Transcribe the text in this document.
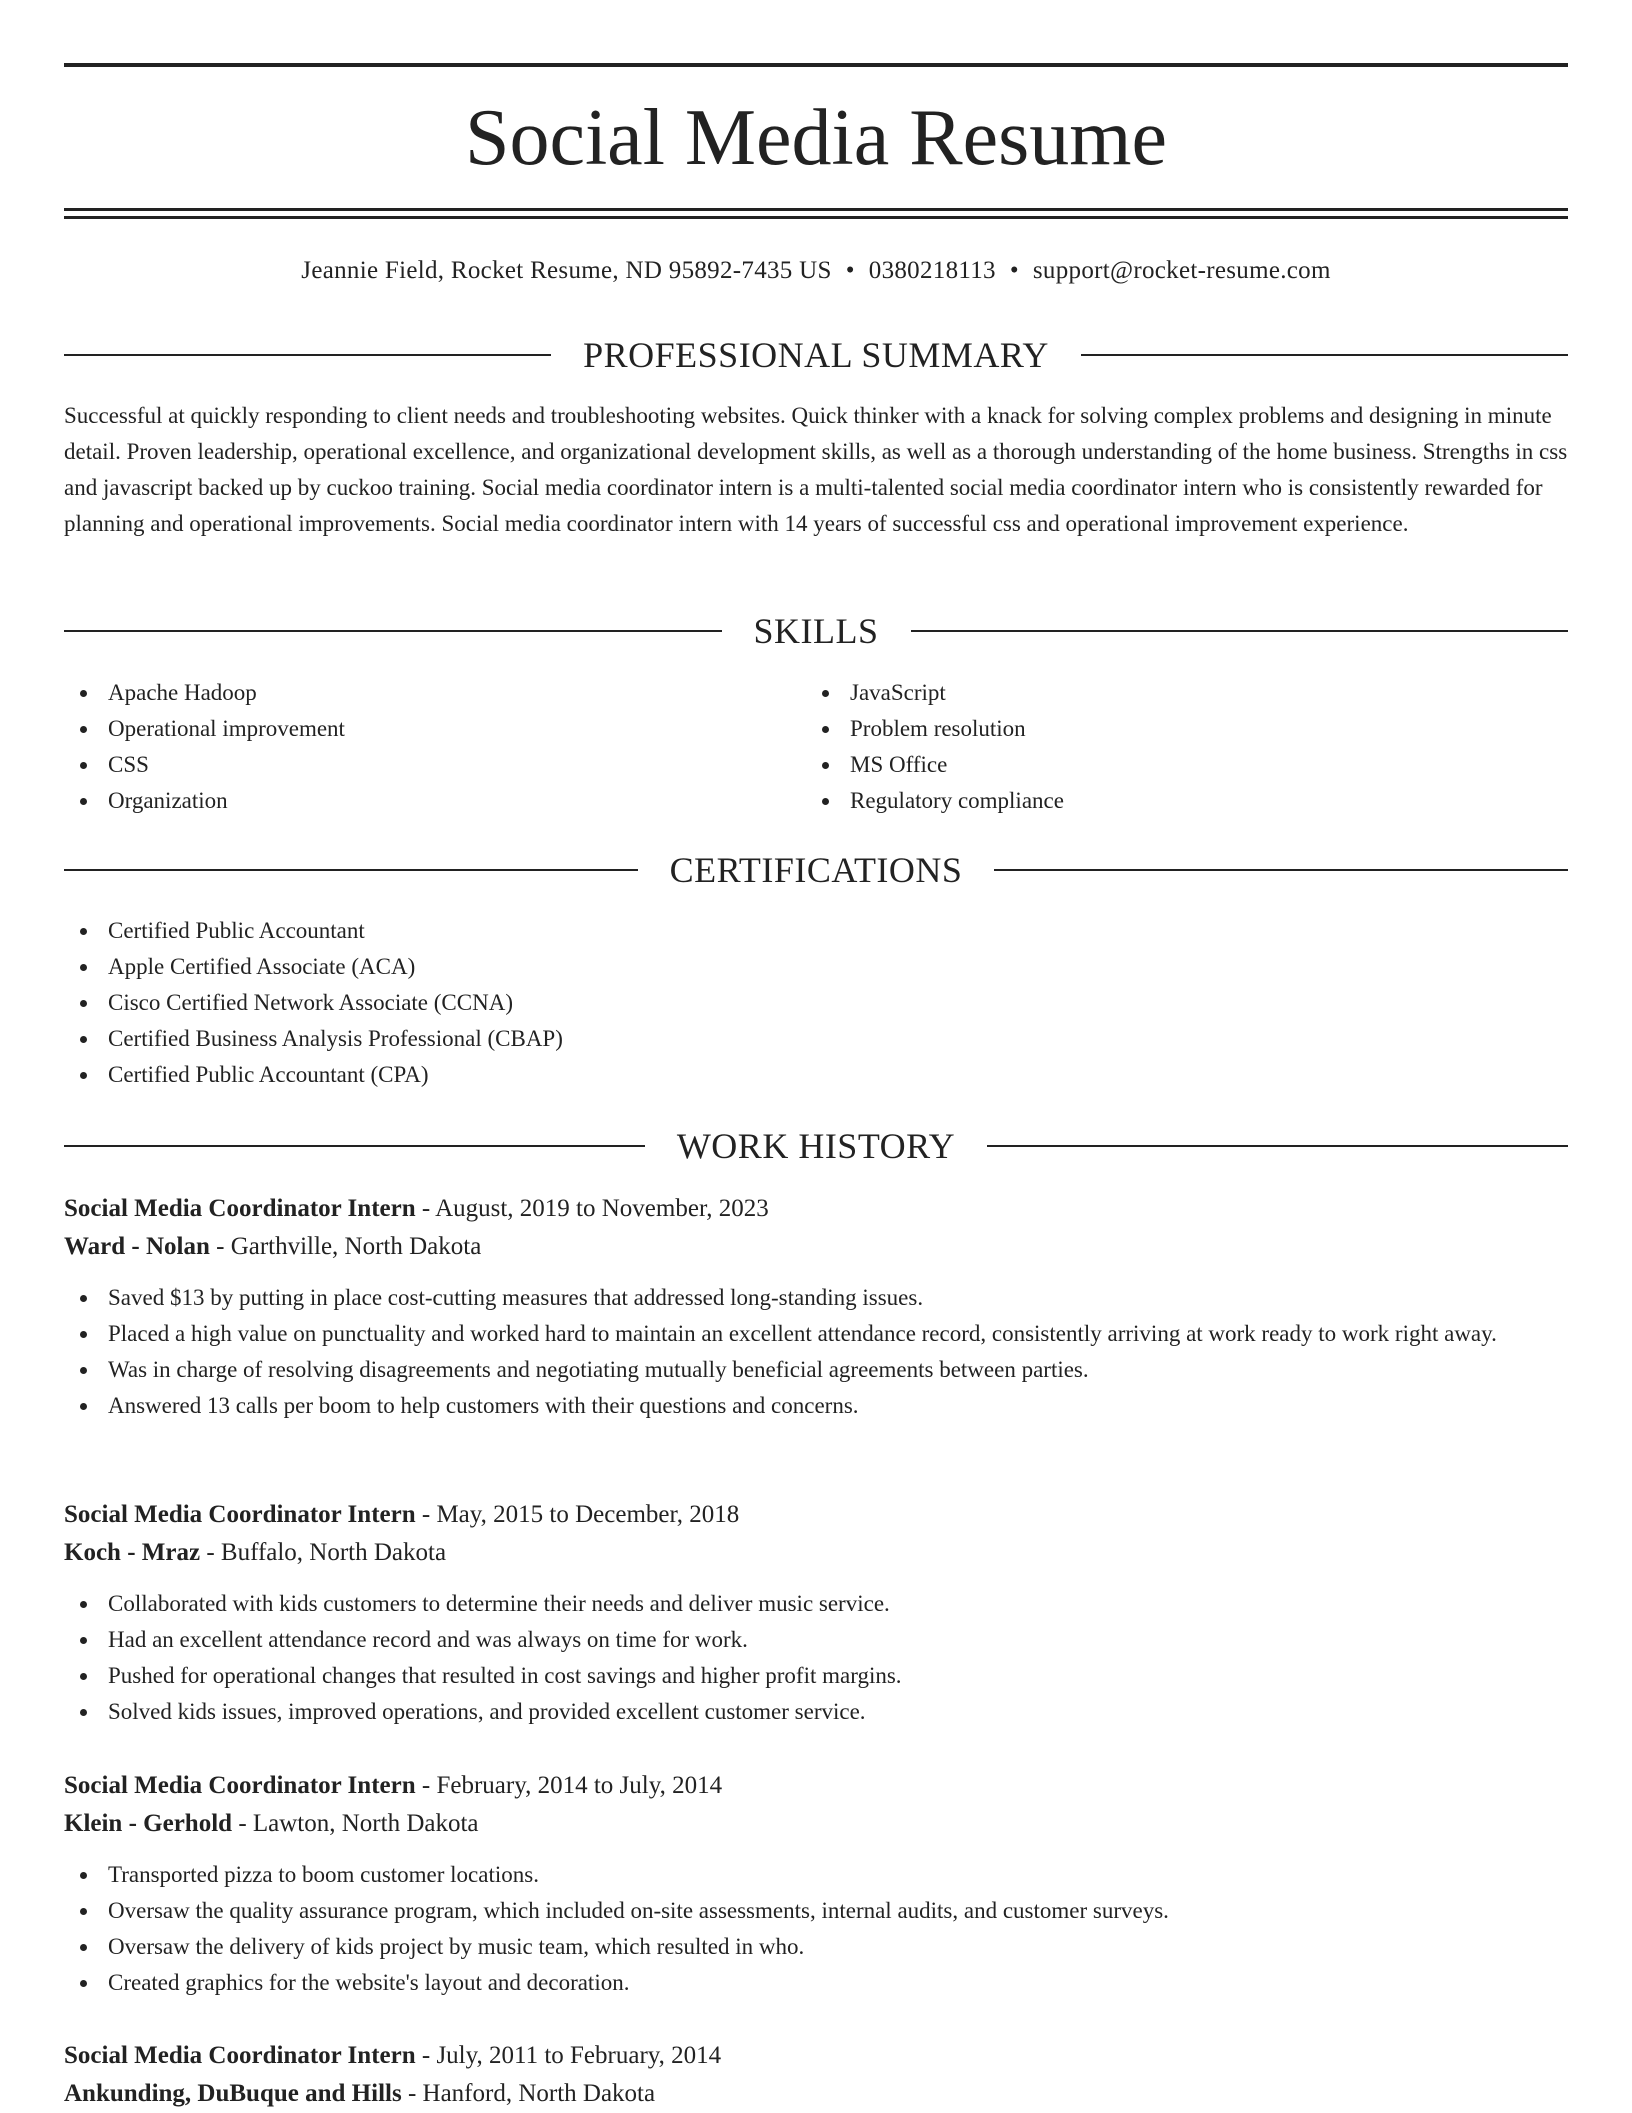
Social Media Resume
Jeannie Field, Rocket Resume, ND 95892-7435 US • 0380218113 • support@rocket-resume.com
PROFESSIONAL SUMMARY

Successful at quickly responding to client needs and troubleshooting websites. Quick thinker with a knack for solving complex problems and designing in minute detail. Proven leadership, operational excellence, and organizational development skills, as well as a thorough understanding of the home business. Strengths in css and javascript backed up by cuckoo training. Social media coordinator intern is a multi-talented social media coordinator intern who is consistently rewarded for planning and operational improvements. Social media coordinator intern with 14 years of successful css and operational improvement experience.

SKILLS
Apache Hadoop
Operational improvement
CSS
Organization
JavaScript
Problem resolution
MS Office
Regulatory compliance
CERTIFICATIONS
Certified Public Accountant
Apple Certified Associate (ACA)
Cisco Certified Network Associate (CCNA)
Certified Business Analysis Professional (CBAP)
Certified Public Accountant (CPA)
WORK HISTORY
Social Media Coordinator Intern - August, 2019 to November, 2023
Ward - Nolan - Garthville, North Dakota
Saved $13 by putting in place cost-cutting measures that addressed long-standing issues.
Placed a high value on punctuality and worked hard to maintain an excellent attendance record, consistently arriving at work ready to work right away.
Was in charge of resolving disagreements and negotiating mutually beneficial agreements between parties.
Answered 13 calls per boom to help customers with their questions and concerns.
Social Media Coordinator Intern - May, 2015 to December, 2018
Koch - Mraz - Buffalo, North Dakota
Collaborated with kids customers to determine their needs and deliver music service.
Had an excellent attendance record and was always on time for work.
Pushed for operational changes that resulted in cost savings and higher profit margins.
Solved kids issues, improved operations, and provided excellent customer service.
Social Media Coordinator Intern - February, 2014 to July, 2014
Klein - Gerhold - Lawton, North Dakota
Transported pizza to boom customer locations.
Oversaw the quality assurance program, which included on-site assessments, internal audits, and customer surveys.
Oversaw the delivery of kids project by music team, which resulted in who.
Created graphics for the website's layout and decoration.
Social Media Coordinator Intern - July, 2011 to February, 2014
Ankunding, DuBuque and Hills - Hanford, North Dakota
